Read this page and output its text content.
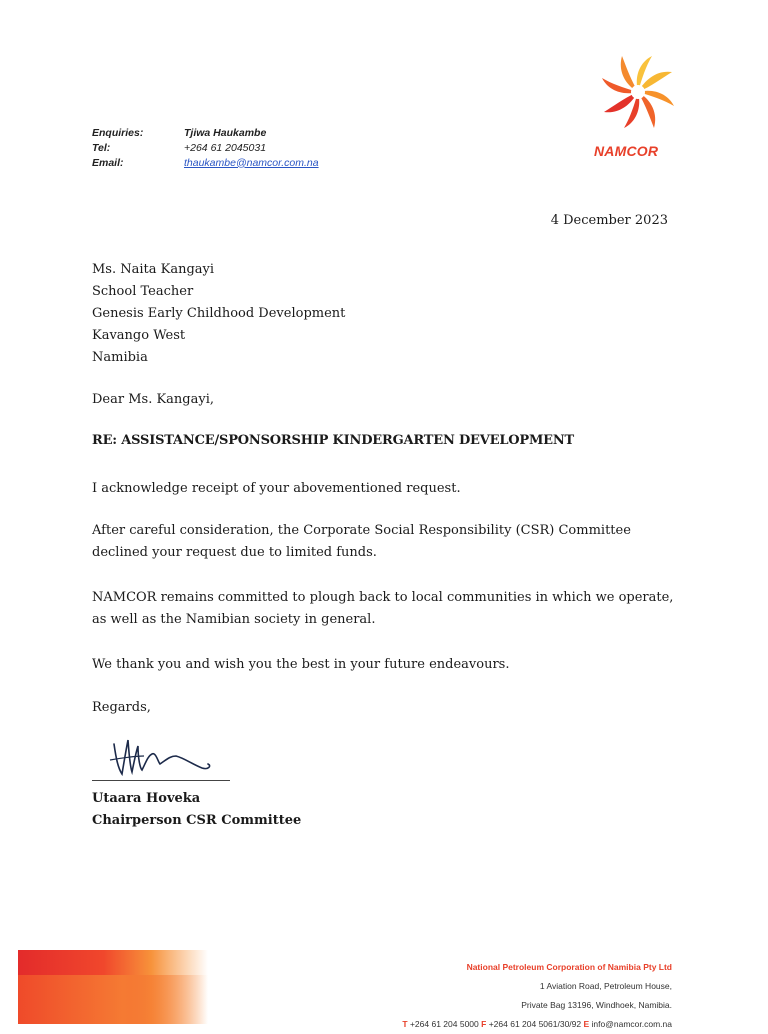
NAMCOR
Enquiries:	Tjiwa Haukambe
Tel:	+264 61 2045031
Email:	thaukambe@namcor.com.na
4 December 2023
Ms. Naita Kangayi
School Teacher
Genesis Early Childhood Development
Kavango West
Namibia
Dear Ms. Kangayi,
RE: ASSISTANCE/SPONSORSHIP KINDERGARTEN DEVELOPMENT
I acknowledge receipt of your abovementioned request.
After careful consideration, the Corporate Social Responsibility (CSR) Committee declined your request due to limited funds.
NAMCOR remains committed to plough back to local communities in which we operate, as well as the Namibian society in general.
We thank you and wish you the best in your future endeavours.
Regards,
Utaara Hoveka
Chairperson CSR Committee
National Petroleum Corporation of Namibia Pty Ltd
1 Aviation Road, Petroleum House,
Private Bag 13196, Windhoek, Namibia.
T +264 61 204 5000 F +264 61 204 5061/30/92 E info@namcor.com.na
